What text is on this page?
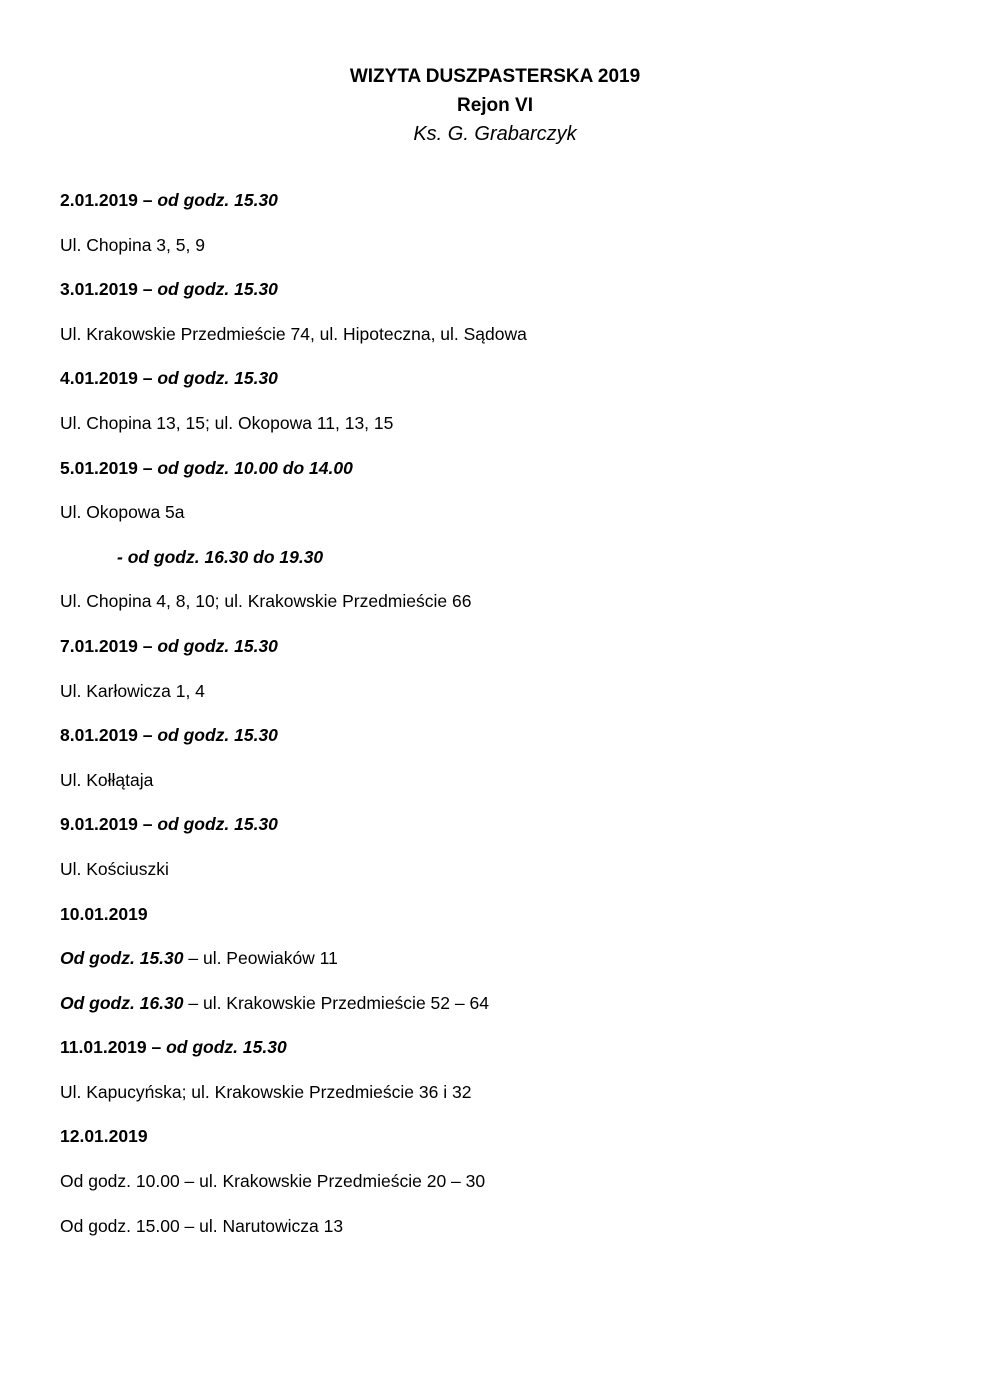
WIZYTA DUSZPASTERSKA 2019

Rejon VI

Ks. G. Grabarczyk

2.01.2019 – od godz. 15.30
Ul. Chopina 3, 5, 9
3.01.2019 – od godz. 15.30
Ul. Krakowskie Przedmieście 74, ul. Hipoteczna, ul. Sądowa
4.01.2019 – od godz. 15.30
Ul. Chopina 13, 15; ul. Okopowa 11, 13, 15
5.01.2019 – od godz. 10.00 do 14.00
Ul. Okopowa 5a
- od godz. 16.30 do 19.30
Ul. Chopina 4, 8, 10; ul. Krakowskie Przedmieście 66
7.01.2019 – od godz. 15.30
Ul. Karłowicza 1, 4
8.01.2019 – od godz. 15.30
Ul. Kołłątaja
9.01.2019 – od godz. 15.30
Ul. Kościuszki
10.01.2019
Od godz. 15.30 – ul. Peowiaków 11
Od godz. 16.30 – ul. Krakowskie Przedmieście 52 – 64
11.01.2019 – od godz. 15.30
Ul. Kapucyńska; ul. Krakowskie Przedmieście 36 i 32
12.01.2019
Od godz. 10.00 – ul. Krakowskie Przedmieście 20 – 30
Od godz. 15.00 – ul. Narutowicza 13
